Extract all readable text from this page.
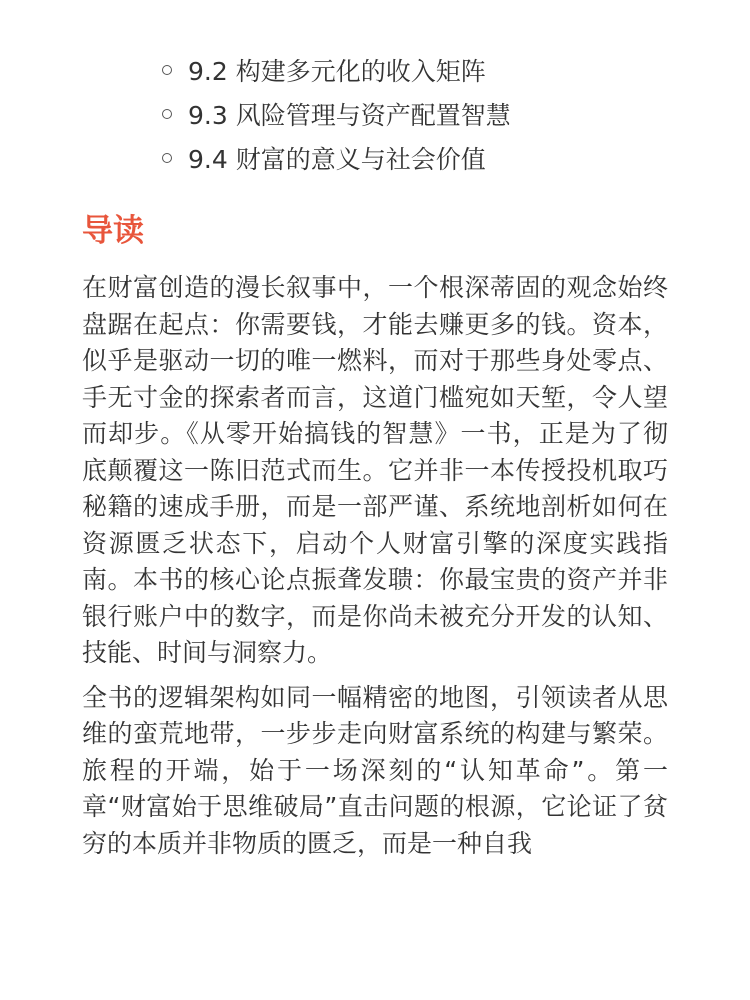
9.2 构建多元化的收入矩阵
9.3 风险管理与资产配置智慧
9.4 财富的意义与社会价值
导读

在财富创造的漫长叙事中，一个根深蒂固的观念始终盘踞在起点：你需要钱，才能去赚更多的钱。资本，似乎是驱动一切的唯一燃料，而对于那些身处零点、手无寸金的探索者而言，这道门槛宛如天堑，令人望而却步。《从零开始搞钱的智慧》一书，正是为了彻底颠覆这一陈旧范式而生。它并非一本传授投机取巧秘籍的速成手册，而是一部严谨、系统地剖析如何在资源匮乏状态下，启动个人财富引擎的深度实践指南。本书的核心论点振聋发聩：你最宝贵的资产并非银行账户中的数字，而是你尚未被充分开发的认知、技能、时间与洞察力。

全书的逻辑架构如同一幅精密的地图，引领读者从思维的蛮荒地带，一步步走向财富系统的构建与繁荣。旅程的开端，始于一场深刻的“认知革命”。第一章“财富始于思维破局”直击问题的根源，它论证了贫穷的本质并非物质的匮乏，而是一种自我
